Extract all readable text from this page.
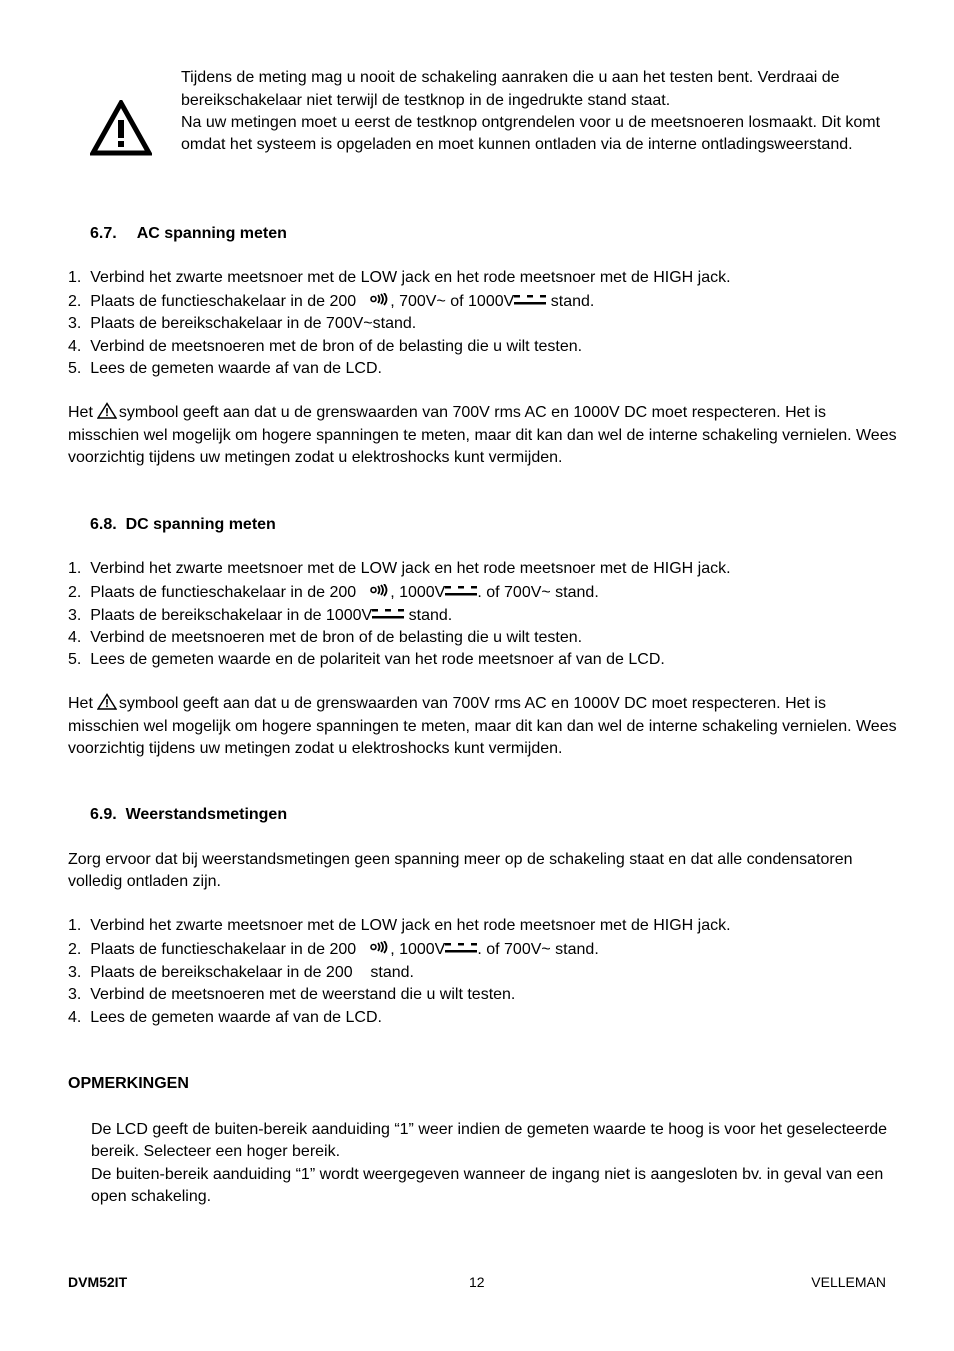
Tijdens de meting mag u nooit de schakeling aanraken die u aan het testen bent. Verdraai de
bereikschakelaar niet terwijl de testknop in de ingedrukte stand staat.
Na uw metingen moet u eerst de testknop ontgrendelen voor u de meetsnoeren losmaakt. Dit komt
omdat het systeem is opgeladen en moet kunnen ontladen via de interne ontladingsweerstand.
6.7. AC spanning meten
1. Verbind het zwarte meetsnoer met de LOW jack en het rode meetsnoer met de HIGH jack.
2. Plaats de functieschakelaar in de 200 , 700V~ of 1000V stand.
3. Plaats de bereikschakelaar in de 700V~stand.
4. Verbind de meetsnoeren met de bron of de belasting die u wilt testen.
5. Lees de gemeten waarde af van de LCD.
Het symbool geeft aan dat u de grenswaarden van 700V rms AC en 1000V DC moet respecteren. Het is
misschien wel mogelijk om hogere spanningen te meten, maar dit kan dan wel de interne schakeling vernielen. Wees
voorzichtig tijdens uw metingen zodat u elektroshocks kunt vermijden.
6.8. DC spanning meten
1. Verbind het zwarte meetsnoer met de LOW jack en het rode meetsnoer met de HIGH jack.
2. Plaats de functieschakelaar in de 200 , 1000V . of 700V~ stand.
3. Plaats de bereikschakelaar in de 1000V stand.
4. Verbind de meetsnoeren met de bron of de belasting die u wilt testen.
5. Lees de gemeten waarde en de polariteit van het rode meetsnoer af van de LCD.
Het symbool geeft aan dat u de grenswaarden van 700V rms AC en 1000V DC moet respecteren. Het is
misschien wel mogelijk om hogere spanningen te meten, maar dit kan dan wel de interne schakeling vernielen. Wees
voorzichtig tijdens uw metingen zodat u elektroshocks kunt vermijden.
6.9. Weerstandsmetingen
Zorg ervoor dat bij weerstandsmetingen geen spanning meer op de schakeling staat en dat alle condensatoren
volledig ontladen zijn.
1. Verbind het zwarte meetsnoer met de LOW jack en het rode meetsnoer met de HIGH jack.
2. Plaats de functieschakelaar in de 200 , 1000V . of 700V~ stand.
3. Plaats de bereikschakelaar in de 200    stand.
3. Verbind de meetsnoeren met de weerstand die u wilt testen.
4. Lees de gemeten waarde af van de LCD.
OPMERKINGEN
De LCD geeft de buiten-bereik aanduiding “1” weer indien de gemeten waarde te hoog is voor het geselecteerde
bereik. Selecteer een hoger bereik.
De buiten-bereik aanduiding “1” wordt weergegeven wanneer de ingang niet is aangesloten bv. in geval van een
open schakeling.
DVM52IT	12	VELLEMAN
